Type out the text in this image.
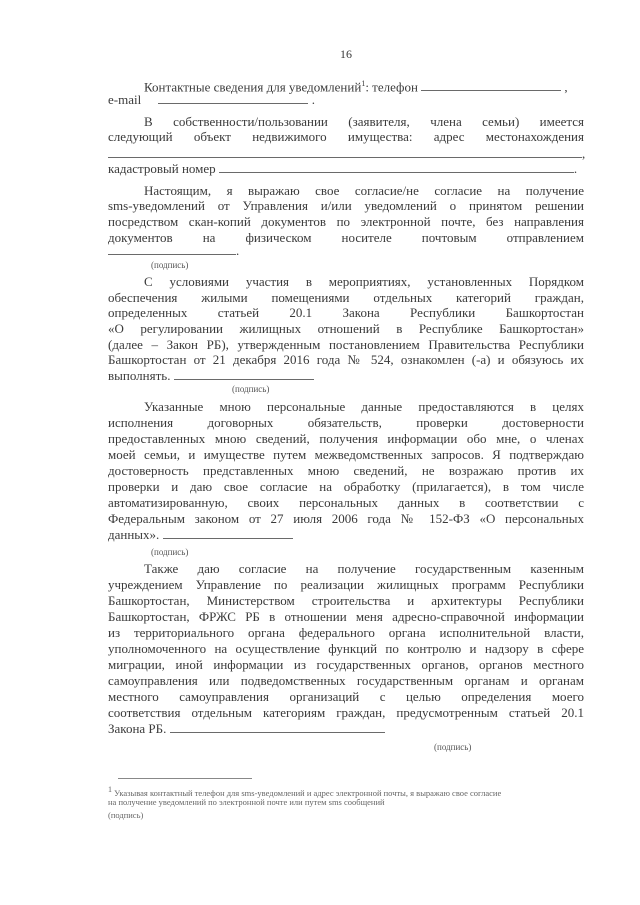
16
Контактные сведения для уведомлений$^1$: телефон	,
e-mail	.
В собственности/пользовании (заявителя, члена семьи) имеется
следующий объект недвижимого имущества: адрес местонахождения
,
кадастровый номер	.
Настоящим, я выражаю свое согласие/не согласие на получение
sms-уведомлений от Управления и/или уведомлений о принятом решении
посредством скан-копий документов по электронной почте, без направления
документов на физическом носителе почтовым отправлением
.
(подпись)
С условиями участия в мероприятиях, установленных Порядком
обеспечения жилыми помещениями отдельных категорий граждан,
определенных статьей 20.1 Закона Республики Башкортостан
«О регулировании жилищных отношений в Республике Башкортостан»
(далее – Закон РБ), утвержденным постановлением Правительства Республики
Башкортостан от 21 декабря 2016 года № 524, ознакомлен (-а) и обязуюсь их
выполнять.
(подпись)
Указанные мною персональные данные предоставляются в целях
исполнения договорных обязательств, проверки достоверности
предоставленных мною сведений, получения информации обо мне, о членах
моей семьи, и имуществе путем межведомственных запросов. Я подтверждаю
достоверность представленных мною сведений, не возражаю против их
проверки и даю свое согласие на обработку (прилагается), в том числе
автоматизированную, своих персональных данных в соответствии с
Федеральным законом от 27 июля 2006 года № 152-ФЗ «О персональных
данных».
(подпись)
Также даю согласие на получение государственным казенным
учреждением Управление по реализации жилищных программ Республики
Башкортостан, Министерством строительства и архитектуры Республики
Башкортостан, ФРЖС РБ в отношении меня адресно-справочной информации
из территориального органа федерального органа исполнительной власти,
уполномоченного на осуществление функций по контролю и надзору в сфере
миграции, иной информации из государственных органов, органов местного
самоуправления или подведомственных государственным органам и органам
местного самоуправления организаций с целью определения моего
соответствия отдельным категориям граждан, предусмотренным статьей 20.1
Закона РБ.
(подпись)
$^1$ Указывая контактный телефон для sms-уведомлений и адрес электронной почты, я выражаю свое согласие
на получение уведомлений по электронной почте или путем sms сообщений
(подпись)
